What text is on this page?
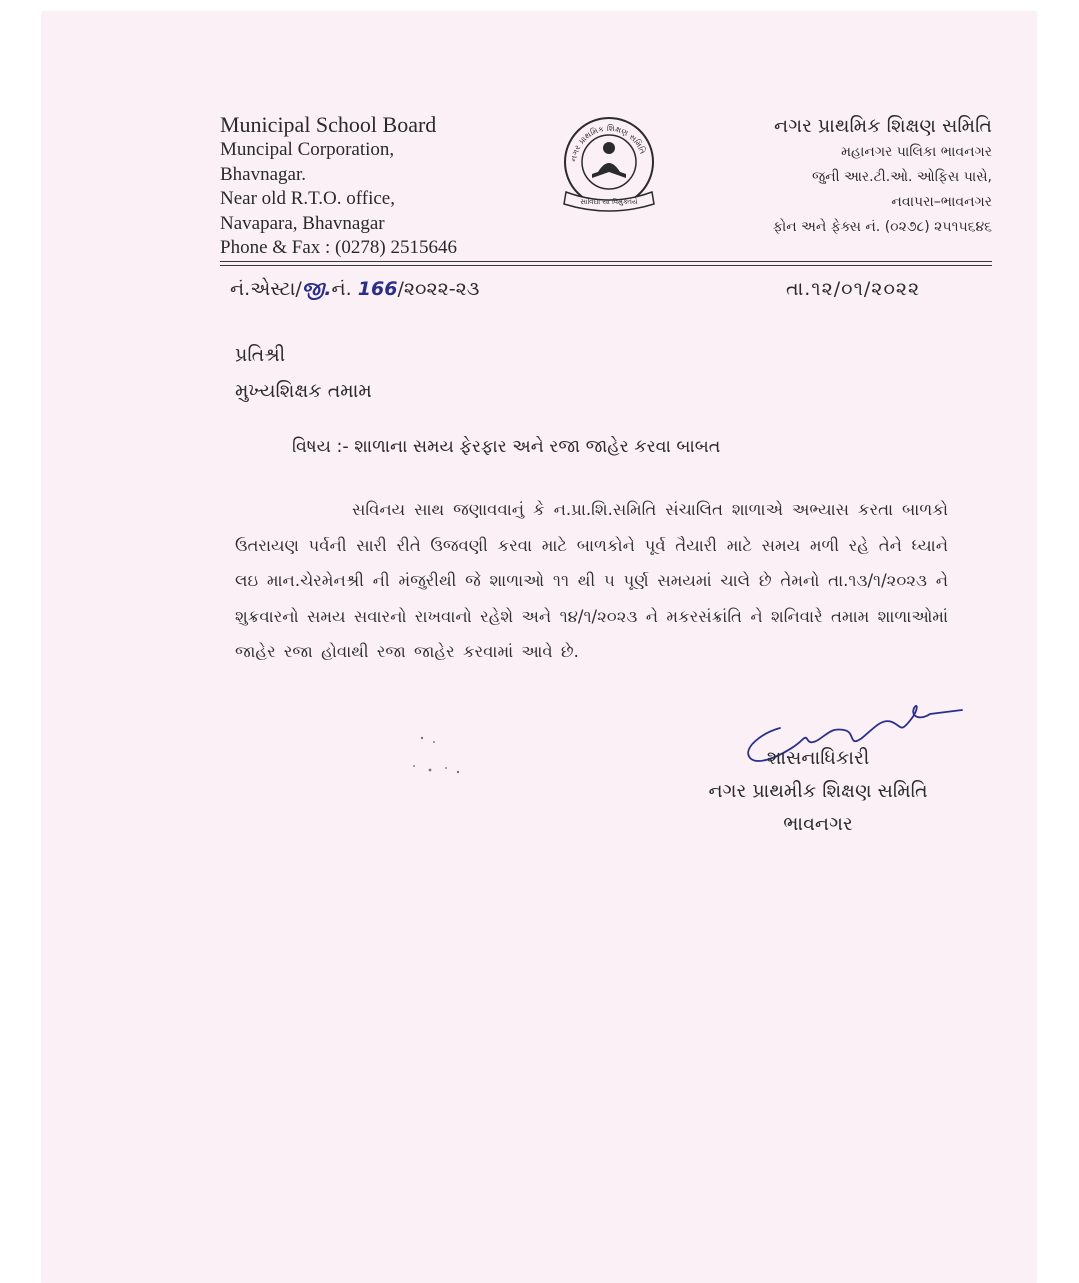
Municipal School Board
Muncipal Corporation,
Bhavnagar.
Near old R.T.O. office,
Navapara, Bhavnagar
Phone & Fax : (0278) 2515646
નગર પ્રાથમિક શિક્ષણ સમિતિ
સાવિદ્યા યા વિમુક્તયે
નગર પ્રાથમિક શિક્ષણ સમિતિ
મહાનગર પાલિકા ભાવનગર
જુની આર.ટી.ઓ. ઓફિસ પાસે,
નવાપરા–ભાવનગર
ફોન અને ફેક્સ નં. (૦૨૭૮) ૨૫૧૫૬૪૬
નં.એસ્ટા/જી.નં. 166/૨૦૨૨-૨૩	તા.૧૨/૦૧/૨૦૨૨
પ્રતિશ્રી
મુખ્યશિક્ષક તમામ
વિષય :- શાળાના સમય ફેરફાર અને રજા જાહેર કરવા બાબત
સવિનય સાથ જણાવવાનું કે ન.પ્રા.શિ.સમિતિ સંચાલિત શાળાએ અભ્યાસ કરતા બાળકો ઉતરાયણ પર્વની સારી રીતે ઉજવણી કરવા માટે બાળકોને પૂર્વ તૈયારી માટે સમય મળી રહે તેને ધ્યાને લઇ માન.ચેરમેનશ્રી ની મંજુરીથી જે શાળાઓ ૧૧ થી ૫ પૂર્ણ સમયમાં ચાલે છે તેમનો તા.૧૩/૧/૨૦૨૩ ને શુક્રવારનો સમય સવારનો રાખવાનો રહેશે અને ૧૪/૧/૨૦૨૩ ને મકરસંક્રાંતિ ને શનિવારે તમામ શાળાઓમાં જાહેર રજા હોવાથી રજા જાહેર કરવામાં આવે છે.
શાસનાધિકારી
નગર પ્રાથમીક શિક્ષણ સમિતિ
ભાવનગર
